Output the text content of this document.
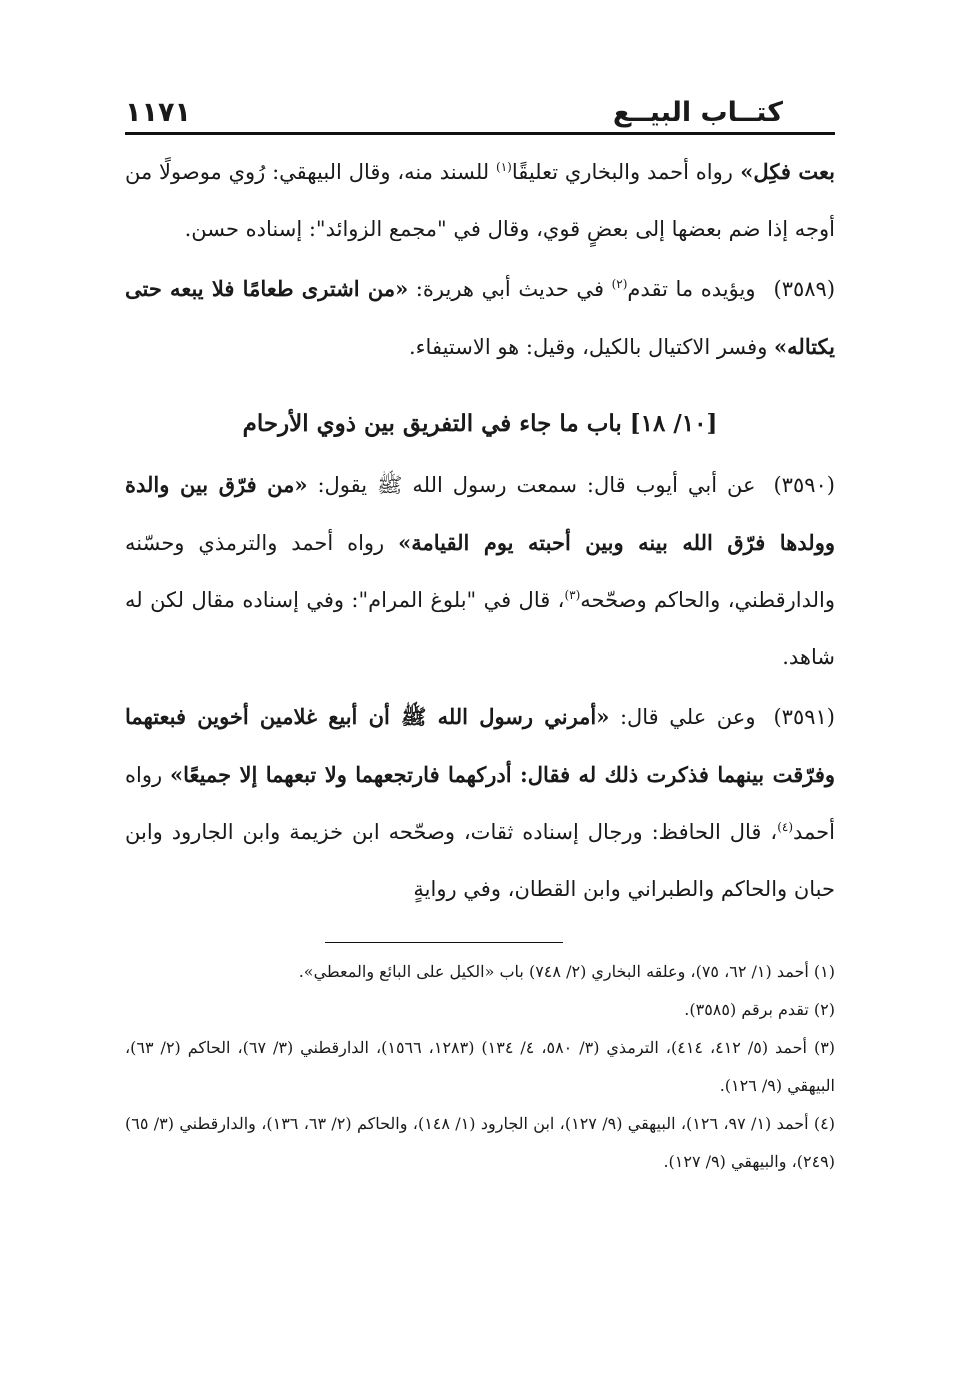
كتــاب البيــع
١١٧١

بعت فكِل» رواه أحمد والبخاري تعليقًا$^{(١)}$ للسند منه، وقال البيهقي: رُوي موصولًا من أوجه إذا ضم بعضها إلى بعضٍ قوي، وقال في "مجمع الزوائد": إسناده حسن.

(٣٥٨٩)ويؤيده ما تقدم$^{(٢)}$ في حديث أبي هريرة: «من اشترى طعامًا فلا يبعه حتى يكتاله» وفسر الاكتيال بالكيل، وقيل: هو الاستيفاء.

[١٠/ ١٨] باب ما جاء في التفريق بين ذوي الأرحام

(٣٥٩٠)عن أبي أيوب قال: سمعت رسول الله ﷺ يقول: «من فرّق بين والدة وولدها فرّق الله بينه وبين أحبته يوم القيامة» رواه أحمد والترمذي وحسّنه والدارقطني، والحاكم وصحّحه$^{(٣)}$، قال في "بلوغ المرام": وفي إسناده مقال لكن له شاهد.

(٣٥٩١)وعن علي قال: «أمرني رسول الله ﷺ أن أبيع غلامين أخوين فبعتهما وفرّقت بينهما فذكرت ذلك له فقال: أدركهما فارتجعهما ولا تبعهما إلا جميعًا» رواه أحمد$^{(٤)}$، قال الحافظ: ورجال إسناده ثقات، وصحّحه ابن خزيمة وابن الجارود وابن حبان والحاكم والطبراني وابن القطان، وفي روايةٍ

(١) أحمد (١/ ٦٢، ٧٥)، وعلقه البخاري (٢/ ٧٤٨) باب «الكيل على البائع والمعطي».

(٢) تقدم برقم (٣٥٨٥).

(٣) أحمد (٥/ ٤١٢، ٤١٤)، الترمذي (٣/ ٥٨٠، ٤/ ١٣٤) (١٢٨٣، ١٥٦٦)، الدارقطني (٣/ ٦٧)، الحاكم (٢/ ٦٣)، البيهقي (٩/ ١٢٦).

(٤) أحمد (١/ ٩٧، ١٢٦)، البيهقي (٩/ ١٢٧)، ابن الجارود (١/ ١٤٨)، والحاكم (٢/ ٦٣، ١٣٦)، والدارقطني (٣/ ٦٥) (٢٤٩)، والبيهقي (٩/ ١٢٧).
